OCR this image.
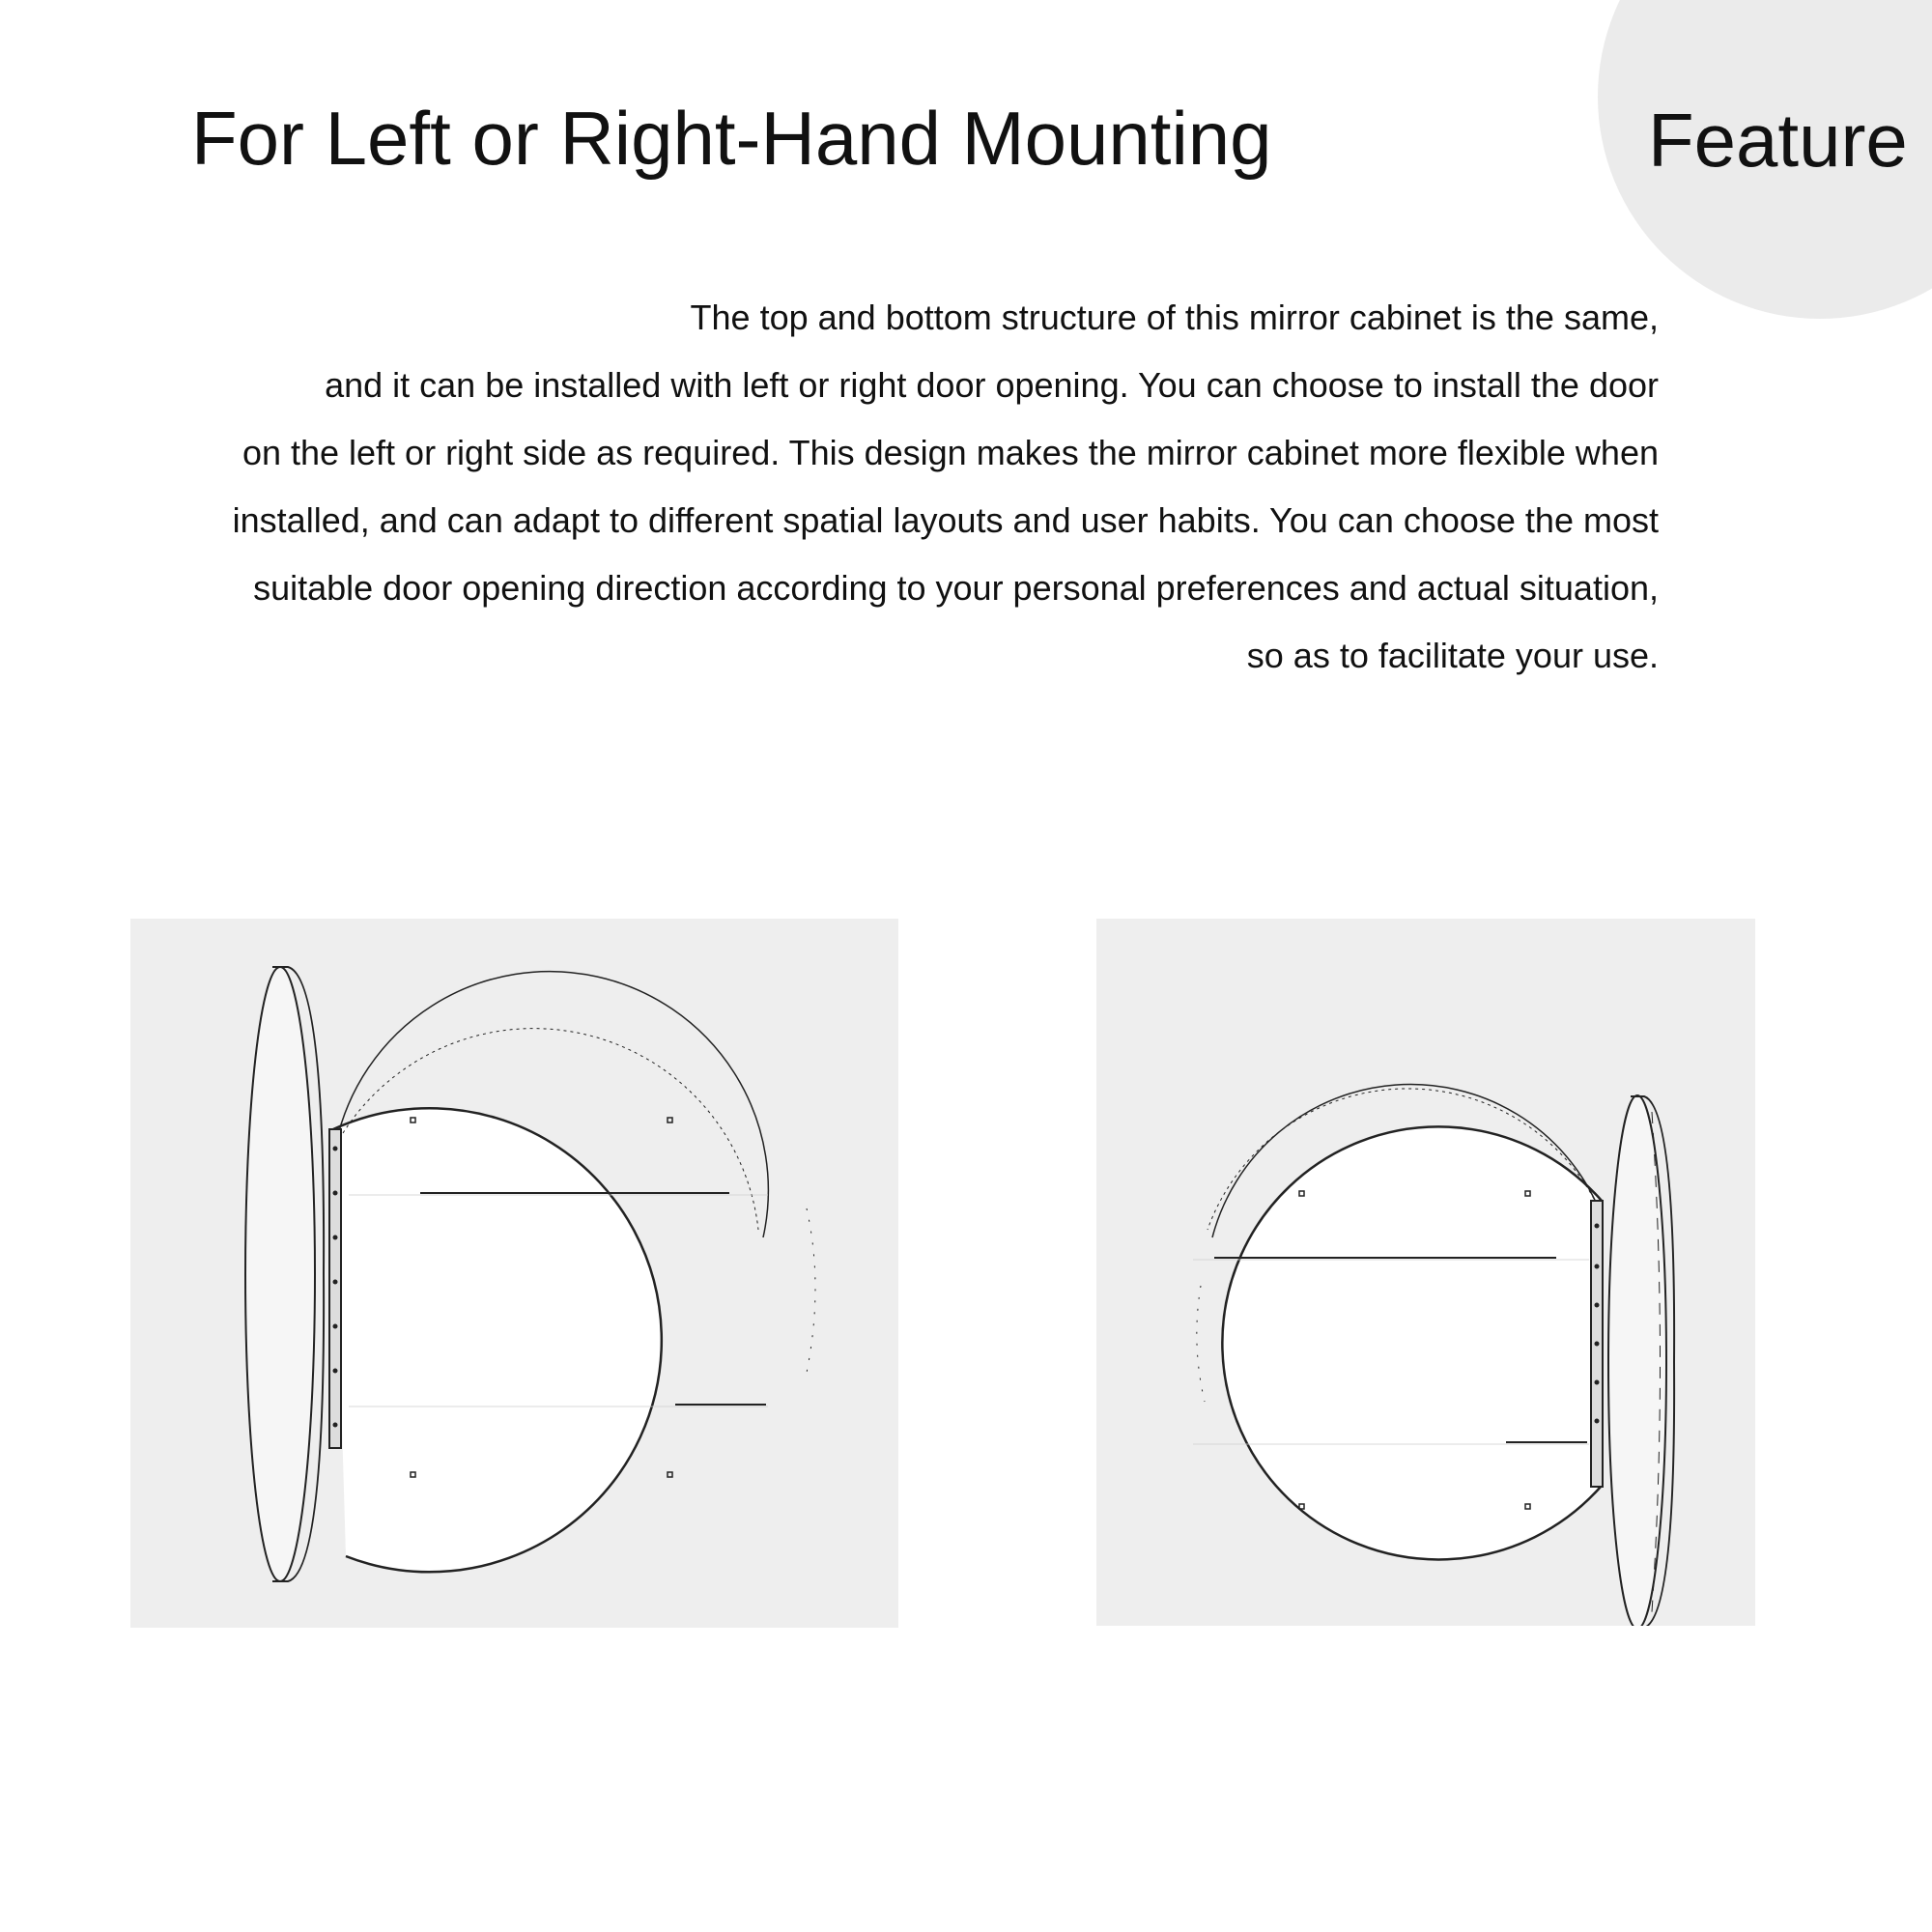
For Left or Right-Hand Mounting	Feature

The top and bottom structure of this mirror cabinet is the same,
and it can be installed with left or right door opening. You can choose to install the door
on the left or right side as required. This design makes the mirror cabinet more flexible when
installed, and can adapt to different spatial layouts and user habits. You can choose the most
suitable door opening direction according to your personal preferences and actual situation,
so as to facilitate your use.
